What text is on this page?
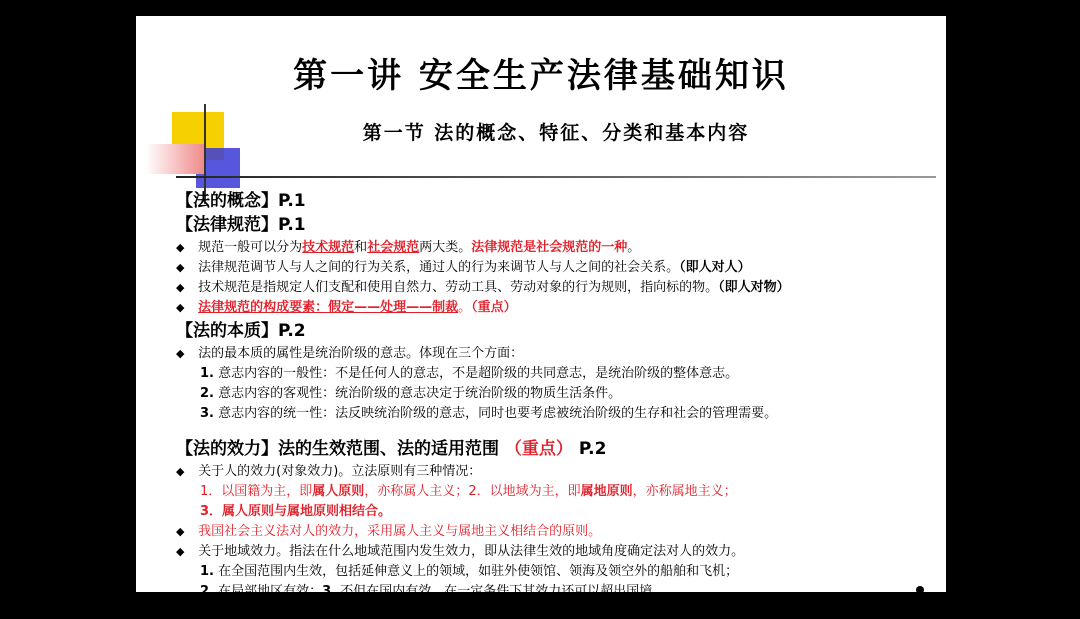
第一讲 安全生产法律基础知识
第一节 法的概念、特征、分类和基本内容
【法的概念】P.1
【法律规范】P.1
◆ 规范一般可以分为技术规范和社会规范两大类。法律规范是社会规范的一种。
◆ 法律规范调节人与人之间的行为关系，通过人的行为来调节人与人之间的社会关系。（即人对人）
◆ 技术规范是指规定人们支配和使用自然力、劳动工具、劳动对象的行为规则，指向标的物。（即人对物）
◆ 法律规范的构成要素：假定——处理——制裁。（重点）
【法的本质】P.2
◆ 法的最本质的属性是统治阶级的意志。体现在三个方面：
1. 意志内容的一般性：不是任何人的意志，不是超阶级的共同意志，是统治阶级的整体意志。
2. 意志内容的客观性：统治阶级的意志决定于统治阶级的物质生活条件。
3. 意志内容的统一性：法反映统治阶级的意志，同时也要考虑被统治阶级的生存和社会的管理需要。
【法的效力】法的生效范围、法的适用范围 （重点） P.2
◆ 关于人的效力(对象效力)。立法原则有三种情况：
1．以国籍为主，即属人原则，亦称属人主义；2．以地域为主，即属地原则，亦称属地主义；
3．属人原则与属地原则相结合。
◆ 我国社会主义法对人的效力，采用属人主义与属地主义相结合的原则。
◆ 关于地域效力。指法在什么地域范围内发生效力，即从法律生效的地域角度确定法对人的效力。
1. 在全国范围内生效，包括延伸意义上的领域，如驻外使领馆、领海及领空外的船舶和飞机；
2. 在局部地区有效；3. 不但在国内有效，在一定条件下其效力还可以超出国境。
◆ 关于时间效力。法律一般只适用于生效后发生的事实和关系，通常不具有溯及力。但是法不溯及既往并
